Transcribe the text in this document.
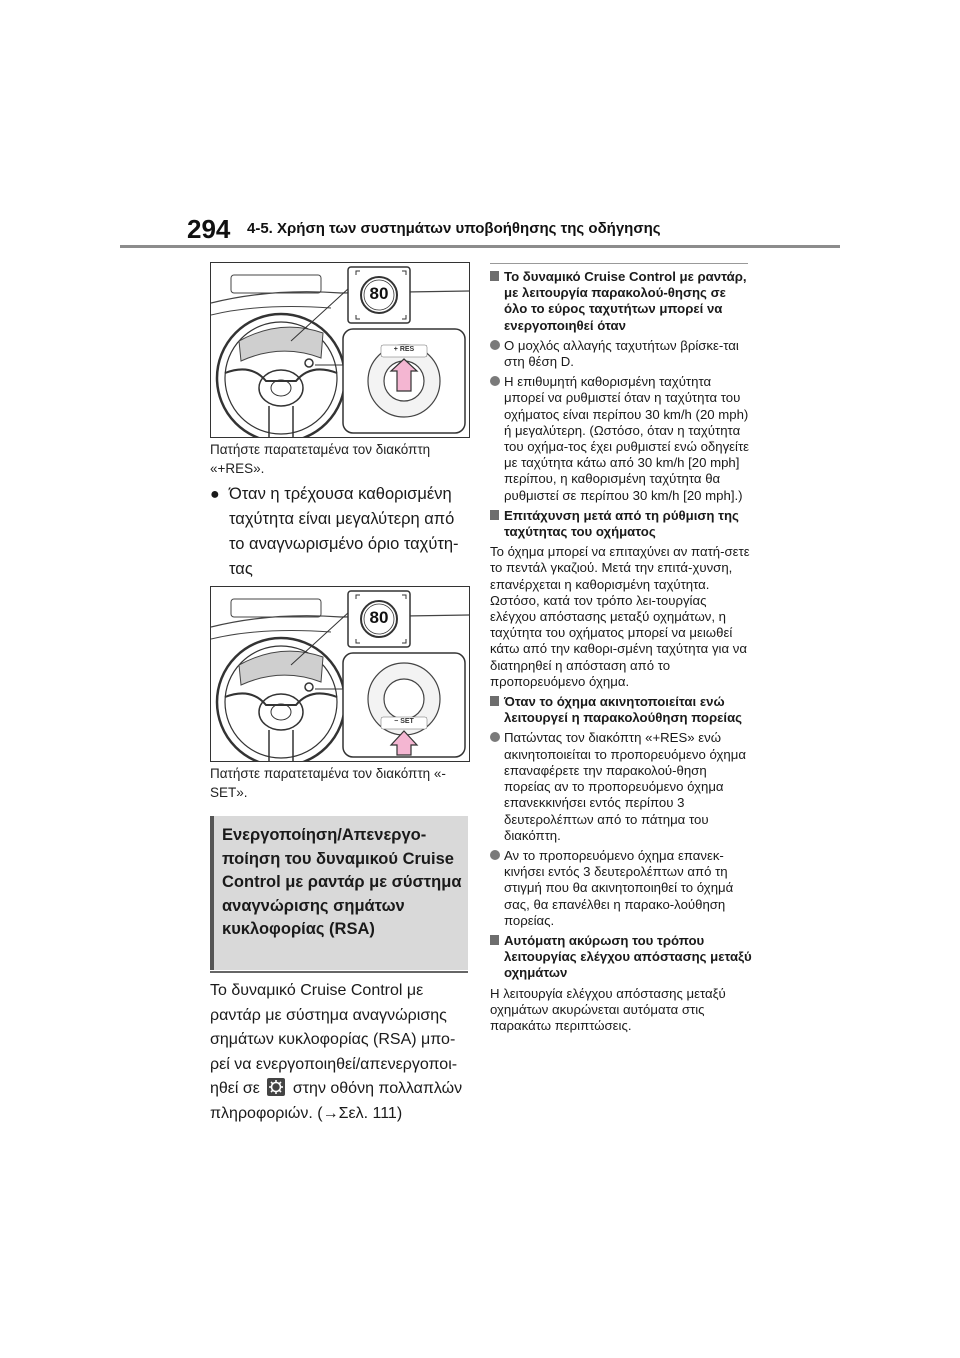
294 4-5. Χρήση των συστημάτων υποβοήθησης της οδήγησης
80
+ RES
Πατήστε παρατεταμένα τον διακόπτη «+RES».
● Όταν η τρέχουσα καθορισμένη ταχύτητα είναι μεγαλύτερη από το αναγνωρισμένο όριο ταχύτη-τας
80
− SET
Πατήστε παρατεταμένα τον διακόπτη «-SET».
Ενεργοποίηση/Απενεργο-ποίηση του δυναμικού Cruise Control με ραντάρ με σύστημα αναγνώρισης σημάτων κυκλοφορίας (RSA)
Το δυναμικό Cruise Control με ραντάρ με σύστημα αναγνώρισης σημάτων κυκλοφορίας (RSA) μπο-ρεί να ενεργοποιηθεί/απενεργοποι-ηθεί σε στην οθόνη πολλαπλών πληροφοριών. (→Σελ. 111)
Το δυναμικό Cruise Control με ραντάρ, με λειτουργία παρακολού-θησης σε όλο το εύρος ταχυτήτων μπορεί να ενεργοποιηθεί όταν
Ο μοχλός αλλαγής ταχυτήτων βρίσκε-ται στη θέση D.
Η επιθυμητή καθορισμένη ταχύτητα μπορεί να ρυθμιστεί όταν η ταχύτητα του οχήματος είναι περίπου 30 km/h (20 mph) ή μεγαλύτερη. (Ωστόσο, όταν η ταχύτητα του οχήμα-τος έχει ρυθμιστεί ενώ οδηγείτε με ταχύτητα κάτω από 30 km/h [20 mph] περίπου, η καθορισμένη ταχύτητα θα ρυθμιστεί σε περίπου 30 km/h [20 mph].)
Επιτάχυνση μετά από τη ρύθμιση της ταχύτητας του οχήματος
Το όχημα μπορεί να επιταχύνει αν πατή-σετε το πεντάλ γκαζιού. Μετά την επιτά-χυνση, επανέρχεται η καθορισμένη ταχύτητα. Ωστόσο, κατά τον τρόπο λει-τουργίας ελέγχου απόστασης μεταξύ οχημάτων, η ταχύτητα του οχήματος μπορεί να μειωθεί κάτω από την καθορι-σμένη ταχύτητα για να διατηρηθεί η απόσταση από το προπορευόμενο όχημα.
Όταν το όχημα ακινητοποιείται ενώ λειτουργεί η παρακολούθηση πορείας
Πατώντας τον διακόπτη «+RES» ενώ ακινητοποιείται το προπορευόμενο όχημα επαναφέρετε την παρακολού-θηση πορείας αν το προπορευόμενο όχημα επανεκκινήσει εντός περίπου 3 δευτερολέπτων από το πάτημα του διακόπτη.
Αν το προπορευόμενο όχημα επανεκ-κινήσει εντός 3 δευτερολέπτων από τη στιγμή που θα ακινητοποιηθεί το όχημά σας, θα επανέλθει η παρακο-λούθηση πορείας.
Αυτόματη ακύρωση του τρόπου λειτουργίας ελέγχου απόστασης μεταξύ οχημάτων
Η λειτουργία ελέγχου απόστασης μεταξύ οχημάτων ακυρώνεται αυτόματα στις παρακάτω περιπτώσεις.
